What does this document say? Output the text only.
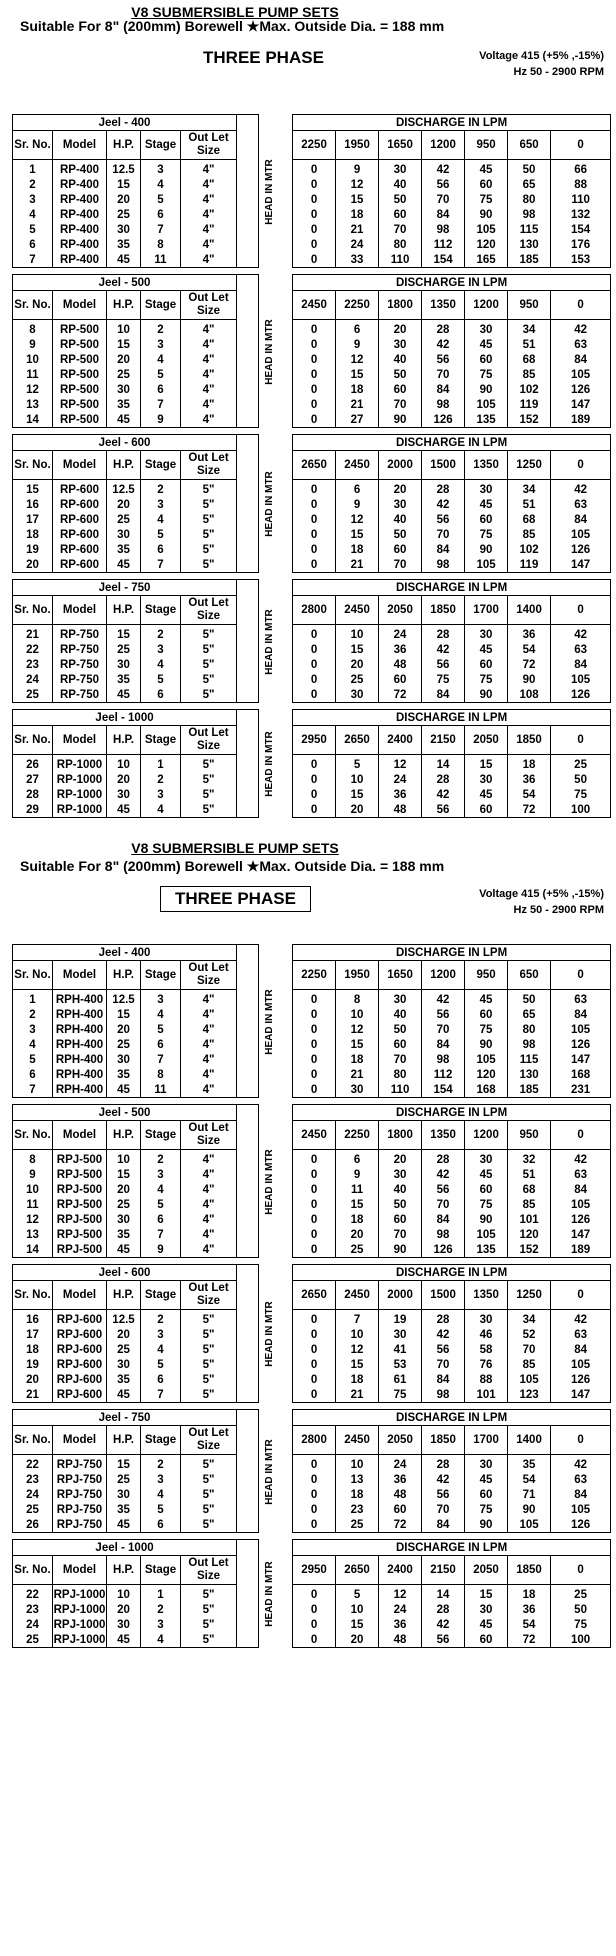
V8 SUBMERSIBLE PUMP SETS
Suitable For 8" (200mm) Borewell ★Max. Outside Dia. = 188 mm
THREE PHASE	Voltage 415 (+5% ,-15%)
Hz 50 - 2900 RPM
Jeel - 400					HEAD IN MTR		DISCHARGE IN LPM						
Sr. No.	Model	H.P.	Stage	Out Let Size			2250	1950	1650	1200	950	650	0
1	RP-400	12.5	3	4"			0	9	30	42	45	50	66
2	RP-400	15	4	4"			0	12	40	56	60	65	88
3	RP-400	20	5	4"			0	15	50	70	75	80	110
4	RP-400	25	6	4"			0	18	60	84	90	98	132
5	RP-400	30	7	4"			0	21	70	98	105	115	154
6	RP-400	35	8	4"			0	24	80	112	120	130	176
7	RP-400	45	11	4"			0	33	110	154	165	185	153
Jeel - 500					HEAD IN MTR		DISCHARGE IN LPM						
Sr. No.	Model	H.P.	Stage	Out Let Size			2450	2250	1800	1350	1200	950	0
8	RP-500	10	2	4"			0	6	20	28	30	34	42
9	RP-500	15	3	4"			0	9	30	42	45	51	63
10	RP-500	20	4	4"			0	12	40	56	60	68	84
11	RP-500	25	5	4"			0	15	50	70	75	85	105
12	RP-500	30	6	4"			0	18	60	84	90	102	126
13	RP-500	35	7	4"			0	21	70	98	105	119	147
14	RP-500	45	9	4"			0	27	90	126	135	152	189
Jeel - 600					HEAD IN MTR		DISCHARGE IN LPM						
Sr. No.	Model	H.P.	Stage	Out Let Size			2650	2450	2000	1500	1350	1250	0
15	RP-600	12.5	2	5"			0	6	20	28	30	34	42
16	RP-600	20	3	5"			0	9	30	42	45	51	63
17	RP-600	25	4	5"			0	12	40	56	60	68	84
18	RP-600	30	5	5"			0	15	50	70	75	85	105
19	RP-600	35	6	5"			0	18	60	84	90	102	126
20	RP-600	45	7	5"			0	21	70	98	105	119	147
Jeel - 750					HEAD IN MTR		DISCHARGE IN LPM						
Sr. No.	Model	H.P.	Stage	Out Let Size			2800	2450	2050	1850	1700	1400	0
21	RP-750	15	2	5"			0	10	24	28	30	36	42
22	RP-750	25	3	5"			0	15	36	42	45	54	63
23	RP-750	30	4	5"			0	20	48	56	60	72	84
24	RP-750	35	5	5"			0	25	60	75	75	90	105
25	RP-750	45	6	5"			0	30	72	84	90	108	126
Jeel - 1000					HEAD IN MTR		DISCHARGE IN LPM						
Sr. No.	Model	H.P.	Stage	Out Let Size			2950	2650	2400	2150	2050	1850	0
26	RP-1000	10	1	5"			0	5	12	14	15	18	25
27	RP-1000	20	2	5"			0	10	24	28	30	36	50
28	RP-1000	30	3	5"			0	15	36	42	45	54	75
29	RP-1000	45	4	5"			0	20	48	56	60	72	100
V8 SUBMERSIBLE PUMP SETS
Suitable For 8" (200mm) Borewell ★Max. Outside Dia. = 188 mm
THREE PHASE	Voltage 415 (+5% ,-15%)
Hz 50 - 2900 RPM
Jeel - 400					HEAD IN MTR		DISCHARGE IN LPM						
Sr. No.	Model	H.P.	Stage	Out Let Size			2250	1950	1650	1200	950	650	0
1	RPH-400	12.5	3	4"			0	8	30	42	45	50	63
2	RPH-400	15	4	4"			0	10	40	56	60	65	84
3	RPH-400	20	5	4"			0	12	50	70	75	80	105
4	RPH-400	25	6	4"			0	15	60	84	90	98	126
5	RPH-400	30	7	4"			0	18	70	98	105	115	147
6	RPH-400	35	8	4"			0	21	80	112	120	130	168
7	RPH-400	45	11	4"			0	30	110	154	168	185	231
Jeel - 500					HEAD IN MTR		DISCHARGE IN LPM						
Sr. No.	Model	H.P.	Stage	Out Let Size			2450	2250	1800	1350	1200	950	0
8	RPJ-500	10	2	4"			0	6	20	28	30	32	42
9	RPJ-500	15	3	4"			0	9	30	42	45	51	63
10	RPJ-500	20	4	4"			0	11	40	56	60	68	84
11	RPJ-500	25	5	4"			0	15	50	70	75	85	105
12	RPJ-500	30	6	4"			0	18	60	84	90	101	126
13	RPJ-500	35	7	4"			0	20	70	98	105	120	147
14	RPJ-500	45	9	4"			0	25	90	126	135	152	189
Jeel - 600					HEAD IN MTR		DISCHARGE IN LPM						
Sr. No.	Model	H.P.	Stage	Out Let Size			2650	2450	2000	1500	1350	1250	0
16	RPJ-600	12.5	2	5"			0	7	19	28	30	34	42
17	RPJ-600	20	3	5"			0	10	30	42	46	52	63
18	RPJ-600	25	4	5"			0	12	41	56	58	70	84
19	RPJ-600	30	5	5"			0	15	53	70	76	85	105
20	RPJ-600	35	6	5"			0	18	61	84	88	105	126
21	RPJ-600	45	7	5"			0	21	75	98	101	123	147
Jeel - 750					HEAD IN MTR		DISCHARGE IN LPM						
Sr. No.	Model	H.P.	Stage	Out Let Size			2800	2450	2050	1850	1700	1400	0
22	RPJ-750	15	2	5"			0	10	24	28	30	35	42
23	RPJ-750	25	3	5"			0	13	36	42	45	54	63
24	RPJ-750	30	4	5"			0	18	48	56	60	71	84
25	RPJ-750	35	5	5"			0	23	60	70	75	90	105
26	RPJ-750	45	6	5"			0	25	72	84	90	105	126
Jeel - 1000					HEAD IN MTR		DISCHARGE IN LPM						
Sr. No.	Model	H.P.	Stage	Out Let Size			2950	2650	2400	2150	2050	1850	0
22	RPJ-1000	10	1	5"			0	5	12	14	15	18	25
23	RPJ-1000	20	2	5"			0	10	24	28	30	36	50
24	RPJ-1000	30	3	5"			0	15	36	42	45	54	75
25	RPJ-1000	45	4	5"			0	20	48	56	60	72	100
